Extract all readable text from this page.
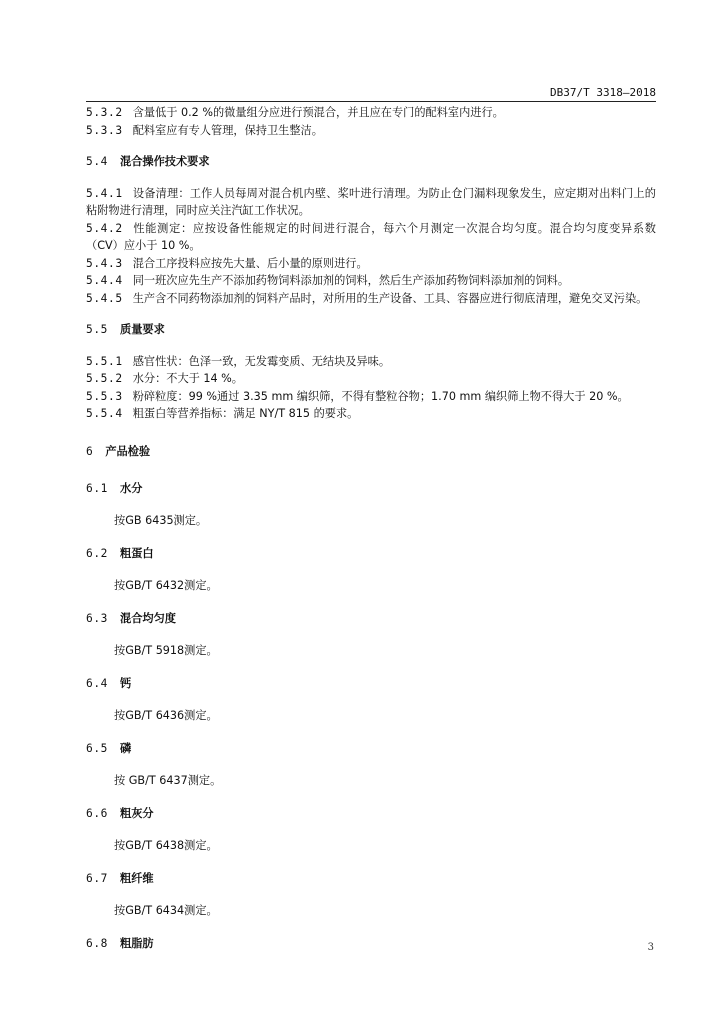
DB37/T 3318—2018

5.3.2 含量低于 0.2 %的微量组分应进行预混合，并且应在专门的配料室内进行。

5.3.3 配料室应有专人管理，保持卫生整洁。

5.4 混合操作技术要求

5.4.1 设备清理：工作人员每周对混合机内壁、桨叶进行清理。为防止仓门漏料现象发生，应定期对出料门上的粘附物进行清理，同时应关注汽缸工作状况。

5.4.2 性能测定：应按设备性能规定的时间进行混合，每六个月测定一次混合均匀度。混合均匀度变异系数（CV）应小于 10 %。

5.4.3 混合工序投料应按先大量、后小量的原则进行。

5.4.4 同一班次应先生产不添加药物饲料添加剂的饲料，然后生产添加药物饲料添加剂的饲料。

5.4.5 生产含不同药物添加剂的饲料产品时，对所用的生产设备、工具、容器应进行彻底清理，避免交叉污染。

5.5 质量要求

5.5.1 感官性状：色泽一致，无发霉变质、无结块及异味。

5.5.2 水分：不大于 14 %。

5.5.3 粉碎粒度：99 %通过 3.35 mm 编织筛，不得有整粒谷物；1.70 mm 编织筛上物不得大于 20 %。

5.5.4 粗蛋白等营养指标：满足 NY/T 815 的要求。

6 产品检验

6.1 水分

按GB 6435测定。

6.2 粗蛋白

按GB/T 6432测定。

6.3 混合均匀度

按GB/T 5918测定。

6.4 钙

按GB/T 6436测定。

6.5 磷

按 GB/T 6437测定。

6.6 粗灰分

按GB/T 6438测定。

6.7 粗纤维

按GB/T 6434测定。

6.8 粗脂肪	3
